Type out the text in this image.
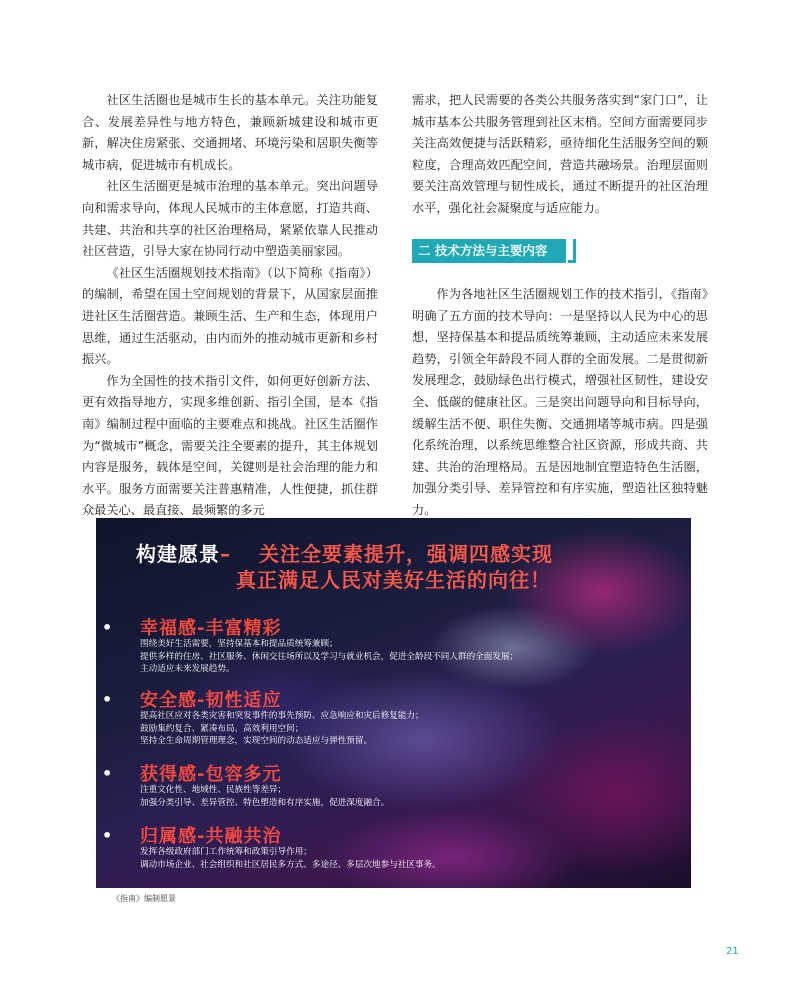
社区生活圈也是城市生长的基本单元。关注功能复合、发展差异性与地方特色，兼顾新城建设和城市更新，解决住房紧张、交通拥堵、环境污染和居职失衡等城市病，促进城市有机成长。

社区生活圈更是城市治理的基本单元。突出问题导向和需求导向，体现人民城市的主体意愿，打造共商、共建、共治和共享的社区治理格局，紧紧依靠人民推动社区营造，引导大家在协同行动中塑造美丽家园。

《社区生活圈规划技术指南》（以下简称《指南》）的编制，希望在国土空间规划的背景下，从国家层面推进社区生活圈营造。兼顾生活、生产和生态，体现用户思维，通过生活驱动，由内而外的推动城市更新和乡村振兴。

作为全国性的技术指引文件，如何更好创新方法、更有效指导地方，实现多维创新、指引全国，是本《指南》编制过程中面临的主要难点和挑战。社区生活圈作为“微城市”概念，需要关注全要素的提升，其主体规划内容是服务，载体是空间，关键则是社会治理的能力和水平。服务方面需要关注普惠精准，人性便捷，抓住群众最关心、最直接、最频繁的多元

需求，把人民需要的各类公共服务落实到“家门口”，让城市基本公共服务管理到社区末梢。空间方面需要同步关注高效便捷与活跃精彩，亟待细化生活服务空间的颗粒度，合理高效匹配空间，营造共融场景。治理层面则要关注高效管理与韧性成长，通过不断提升的社区治理水平，强化社会凝聚度与适应能力。

二 技术方法与主要内容

作为各地社区生活圈规划工作的技术指引，《指南》明确了五方面的技术导向：一是坚持以人民为中心的思想，坚持保基本和提品质统筹兼顾，主动适应未来发展趋势，引领全年龄段不同人群的全面发展。二是贯彻新发展理念，鼓励绿色出行模式，增强社区韧性，建设安全、低碳的健康社区。三是突出问题导向和目标导向，缓解生活不便、职住失衡、交通拥堵等城市病。四是强化系统治理，以系统思维整合社区资源，形成共商、共建、共治的治理格局。五是因地制宜塑造特色生活圈，加强分类引导、差异管控和有序实施，塑造社区独特魅力。

构建愿景– 关注全要素提升，强调四感实现
真正满足人民对美好生活的向往！
• 幸福感-丰富精彩
围绕美好生活需要，坚持保基本和提品质统筹兼顾；
提供多样的住房、社区服务、休闲交往场所以及学习与就业机会，促进全龄段不同人群的全面发展；
主动适应未来发展趋势。
• 安全感-韧性适应
提高社区应对各类灾害和突发事件的事先预防、应急响应和灾后修复能力；
鼓励集约复合、紧凑布局、高效利用空间；
坚持全生命周期管理理念，实现空间的动态适应与弹性预留。
• 获得感-包容多元
注重文化性、地域性、民族性等差异；
加强分类引导、差异管控、特色塑造和有序实施，促进深度融合。
• 归属感-共融共治
发挥各级政府部门工作统筹和政策引导作用；
调动市场企业、社会组织和社区居民多方式、多途径、多层次地参与社区事务。
《指南》编制愿景
21
